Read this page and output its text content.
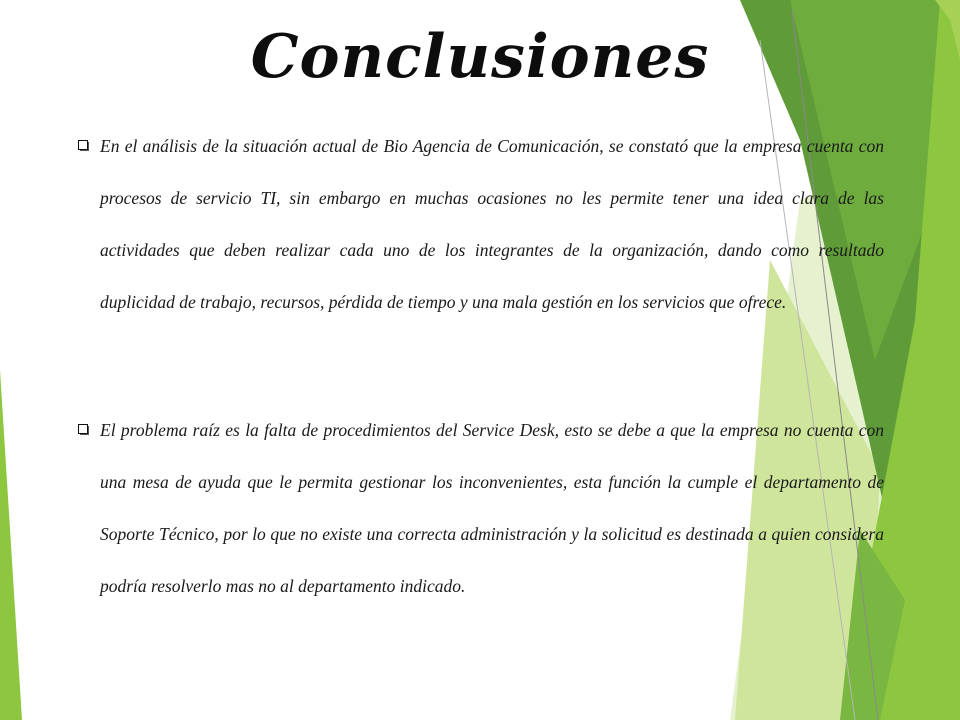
Conclusiones
En el análisis de la situación actual de Bio Agencia de Comunicación, se constató que la empresa cuenta con procesos de servicio TI, sin embargo en muchas ocasiones no les permite tener una idea clara de las actividades que deben realizar cada uno de los integrantes de la organización, dando como resultado duplicidad de trabajo, recursos, pérdida de tiempo y una mala gestión en los servicios que ofrece.
El problema raíz es la falta de procedimientos del Service Desk, esto se debe a que la empresa no cuenta con una mesa de ayuda que le permita gestionar los inconvenientes, esta función la cumple el departamento de Soporte Técnico, por lo que no existe una correcta administración y la solicitud es destinada a quien considera podría resolverlo mas no al departamento indicado.
